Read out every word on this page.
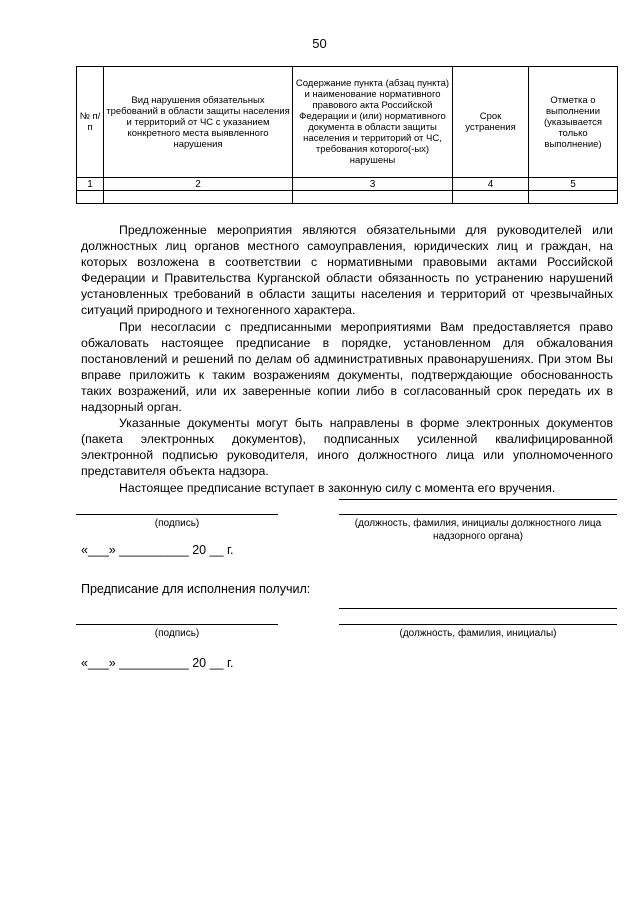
50
№ п/п	Вид нарушения обязательных требований в области защиты населения и территорий от ЧС с указанием конкретного места выявленного нарушения	Содержание пункта (абзац пункта) и наименование нормативного правового акта Российской Федерации и (или) нормативного документа в области защиты населения и территорий от ЧС, требования которого(-ых) нарушены	Срок устранения	Отметка о выполнении (указывается только выполнение)
1	2	3	4	5

Предложенные мероприятия являются обязательными для руководителей или должностных лиц органов местного самоуправления, юридических лиц и граждан, на которых возложена в соответствии с нормативными правовыми актами Российской Федерации и Правительства Курганской области обязанность по устранению нарушений установленных требований в области защиты населения и территорий от чрезвычайных ситуаций природного и техногенного характера.

При несогласии с предписанными мероприятиями Вам предоставляется право обжаловать настоящее предписание в порядке, установленном для обжалования постановлений и решений по делам об административных правонарушениях. При этом Вы вправе приложить к таким возражениям документы, подтверждающие обоснованность таких возражений, или их заверенные копии либо в согласованный срок передать их в надзорный орган.

Указанные документы могут быть направлены в форме электронных документов (пакета электронных документов), подписанных усиленной квалифицированной электронной подписью руководителя, иного должностного лица или уполномоченного представителя объекта надзора.

Настоящее предписание вступает в законную силу с момента его вручения.

(подпись)	(должность, фамилия, инициалы должностного лица надзорного органа)
«___» __________ 20 __ г.
Предписание для исполнения получил:
(подпись)	(должность, фамилия, инициалы)
«___» __________ 20 __ г.
